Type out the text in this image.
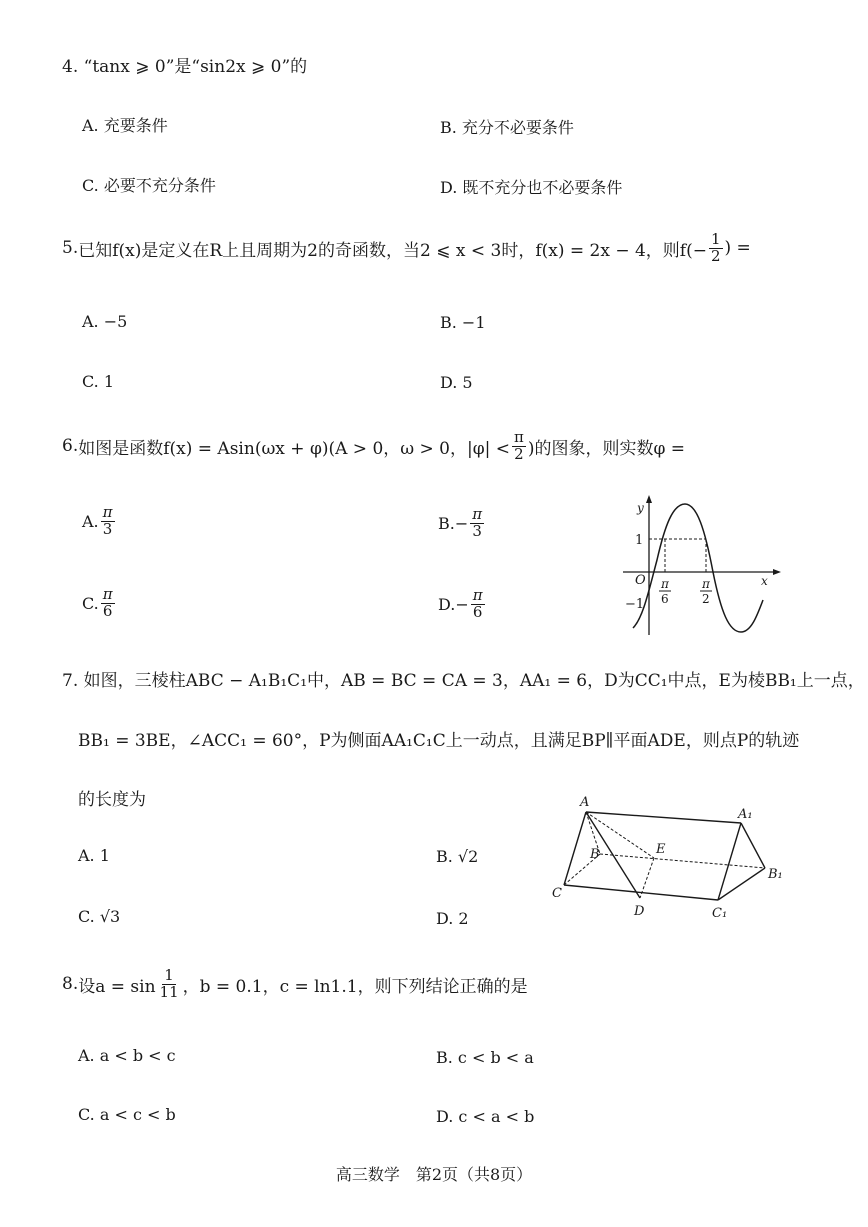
4. “tanx ⩾ 0”是“sin2x ⩾ 0”的
A. 充要条件	B. 充分不必要条件
C. 必要不充分条件	D. 既不充分也不必要条件
5. 已知f(x)是定义在R上且周期为2的奇函数，当2 ⩽ x < 3时，f(x) = 2x − 4，则$f(- \frac{1}{2}$ ) =
A. −5	B. −1
C. 1	D. 5
6. 如图是函数f(x) = Asin(ωx + φ)(A > 0，ω > 0，$|\varphi| < \frac{\pi}{2}$ )的图象，则实数φ =
A. $\frac{\pi}{3}$	B. − $\frac{\pi}{3}$
C. $\frac{\pi}{6}$	D. − $\frac{\pi}{6}$
y
x
O
1
−1
π
6
π
2
7. 如图，三棱柱ABC − A₁B₁C₁中，AB = BC = CA = 3，AA₁ = 6，D为CC₁中点，E为棱BB₁上一点，
BB₁ = 3BE，∠ACC₁ = 60°，P为侧面AA₁C₁C上一动点，且满足BP∥平面ADE，则点P的轨迹
的长度为
A. 1	B. √2
C. √3	D. 2
A
A₁
B
B₁
C
C₁
D
E
8. 设$a = \sin \frac{1}{11}$ ，b = 0.1，c = ln1.1，则下列结论正确的是
A. a < b < c	B. c < b < a
C. a < c < b	D. c < a < b
高三数学　第2页（共8页）
